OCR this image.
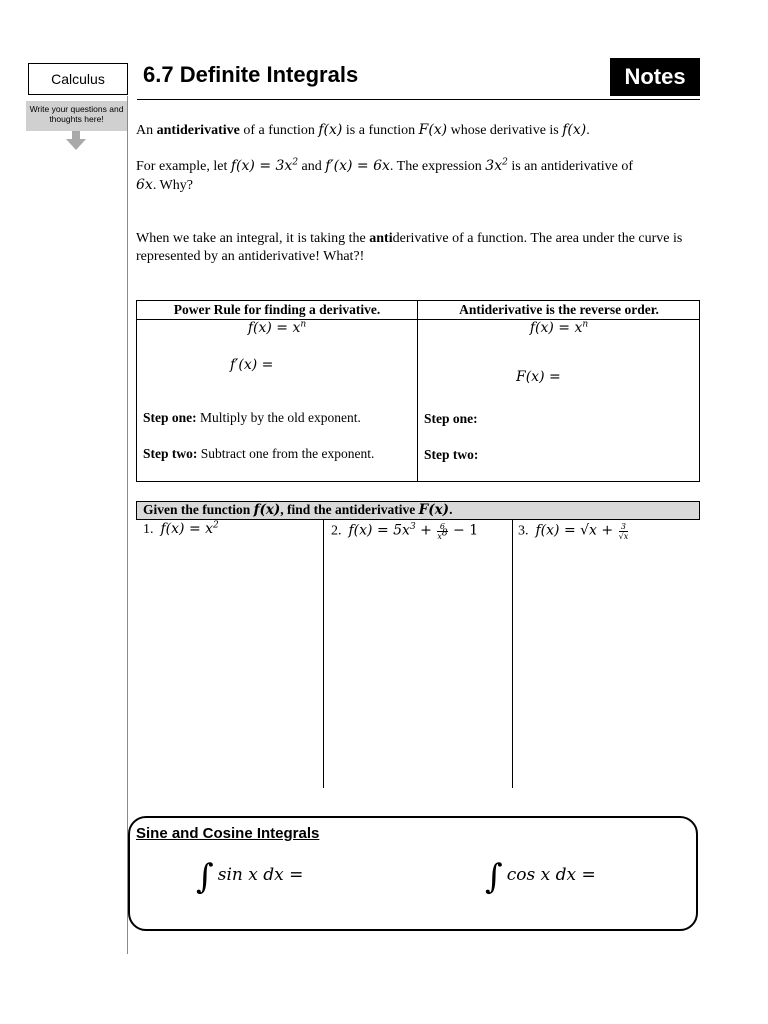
Calculus
Write your questions and thoughts here!
6.7 Definite Integrals	Notes
An antiderivative of a function f(x) is a function F(x) whose derivative is f(x).
For example, let $f(x) = 3x^2$ and f′(x) = 6x. The expression $3x^2$ is an antiderivative of
6x. Why?
When we take an integral, it is taking the antiderivative of a function. The area under the curve is represented by an antiderivative! What?!
Power Rule for finding a derivative.	Antiderivative is the reverse order.
$f(x) = x^n$
f′(x) =
Step one: Multiply by the old exponent.
Step two: Subtract one from the exponent.
$f(x) = x^n$
F(x) =
Step one:
Step two:
Given the function f(x), find the antiderivative F(x).
1. $f(x) = x^2$	2. $f(x) = 5x^3 + \frac{6}{x^8} - 1$	3. $f(x) = √x + \frac{3}{√x}$
Sine and Cosine Integrals
∫ sin x dx =	∫ cos x dx =
